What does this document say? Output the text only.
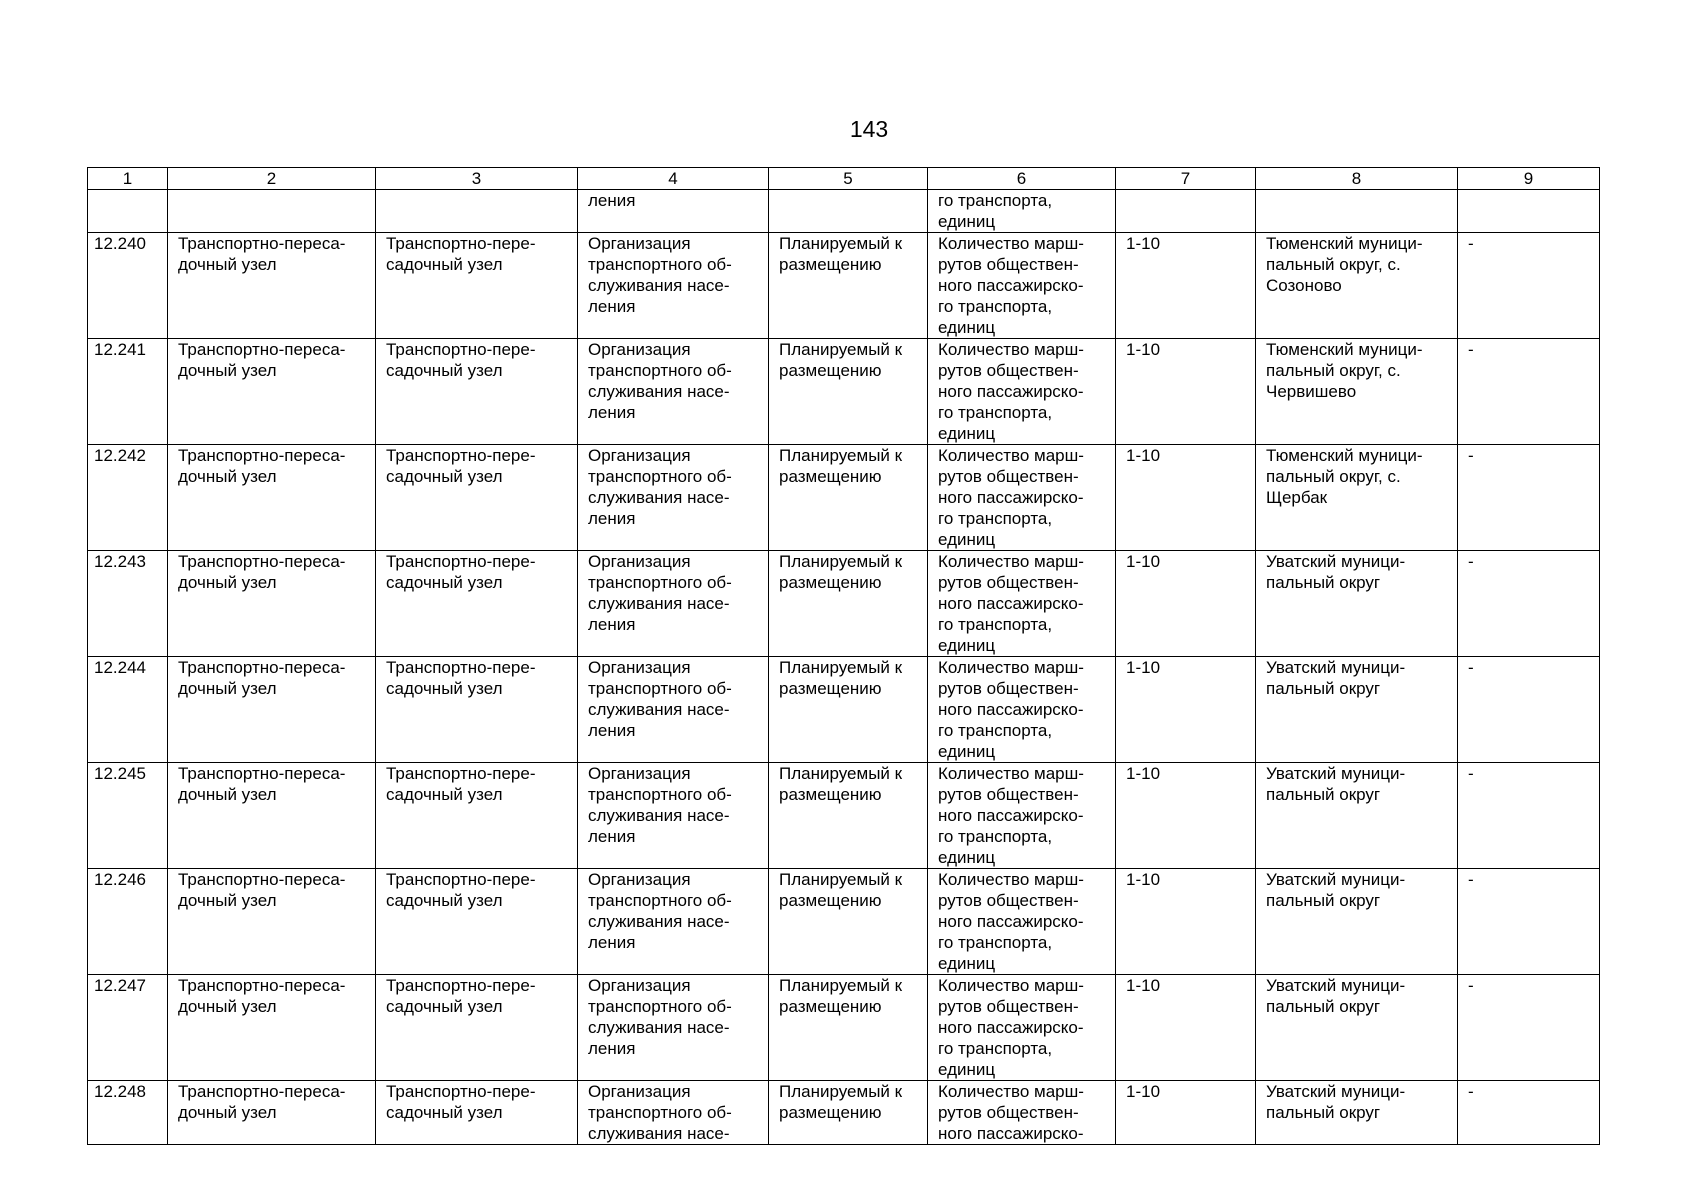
143
1	2	3	4	5	6	7	8	9

			ления		го транспорта,
единиц			

12.240	Транспортно-переса-
дочный узел	Транспортно-пере-
садочный узел	Организация
транспортного об-
служивания насе-
ления	Планируемый к
размещению	Количество марш-
рутов обществен-
ного пассажирско-
го транспорта,
единиц	1-10	Тюменский муници-
пальный округ, с.
Созоново	-

12.241	Транспортно-переса-
дочный узел	Транспортно-пере-
садочный узел	Организация
транспортного об-
служивания насе-
ления	Планируемый к
размещению	Количество марш-
рутов обществен-
ного пассажирско-
го транспорта,
единиц	1-10	Тюменский муници-
пальный округ, с.
Червишево	-

12.242	Транспортно-переса-
дочный узел	Транспортно-пере-
садочный узел	Организация
транспортного об-
служивания насе-
ления	Планируемый к
размещению	Количество марш-
рутов обществен-
ного пассажирско-
го транспорта,
единиц	1-10	Тюменский муници-
пальный округ, с.
Щербак	-

12.243	Транспортно-переса-
дочный узел	Транспортно-пере-
садочный узел	Организация
транспортного об-
служивания насе-
ления	Планируемый к
размещению	Количество марш-
рутов обществен-
ного пассажирско-
го транспорта,
единиц	1-10	Уватский муници-
пальный округ	-

12.244	Транспортно-переса-
дочный узел	Транспортно-пере-
садочный узел	Организация
транспортного об-
служивания насе-
ления	Планируемый к
размещению	Количество марш-
рутов обществен-
ного пассажирско-
го транспорта,
единиц	1-10	Уватский муници-
пальный округ	-

12.245	Транспортно-переса-
дочный узел	Транспортно-пере-
садочный узел	Организация
транспортного об-
служивания насе-
ления	Планируемый к
размещению	Количество марш-
рутов обществен-
ного пассажирско-
го транспорта,
единиц	1-10	Уватский муници-
пальный округ	-

12.246	Транспортно-переса-
дочный узел	Транспортно-пере-
садочный узел	Организация
транспортного об-
служивания насе-
ления	Планируемый к
размещению	Количество марш-
рутов обществен-
ного пассажирско-
го транспорта,
единиц	1-10	Уватский муници-
пальный округ	-

12.247	Транспортно-переса-
дочный узел	Транспортно-пере-
садочный узел	Организация
транспортного об-
служивания насе-
ления	Планируемый к
размещению	Количество марш-
рутов обществен-
ного пассажирско-
го транспорта,
единиц	1-10	Уватский муници-
пальный округ	-

12.248	Транспортно-переса-
дочный узел	Транспортно-пере-
садочный узел	Организация
транспортного об-
служивания насе-	Планируемый к
размещению	Количество марш-
рутов обществен-
ного пассажирско-	1-10	Уватский муници-
пальный округ	-
